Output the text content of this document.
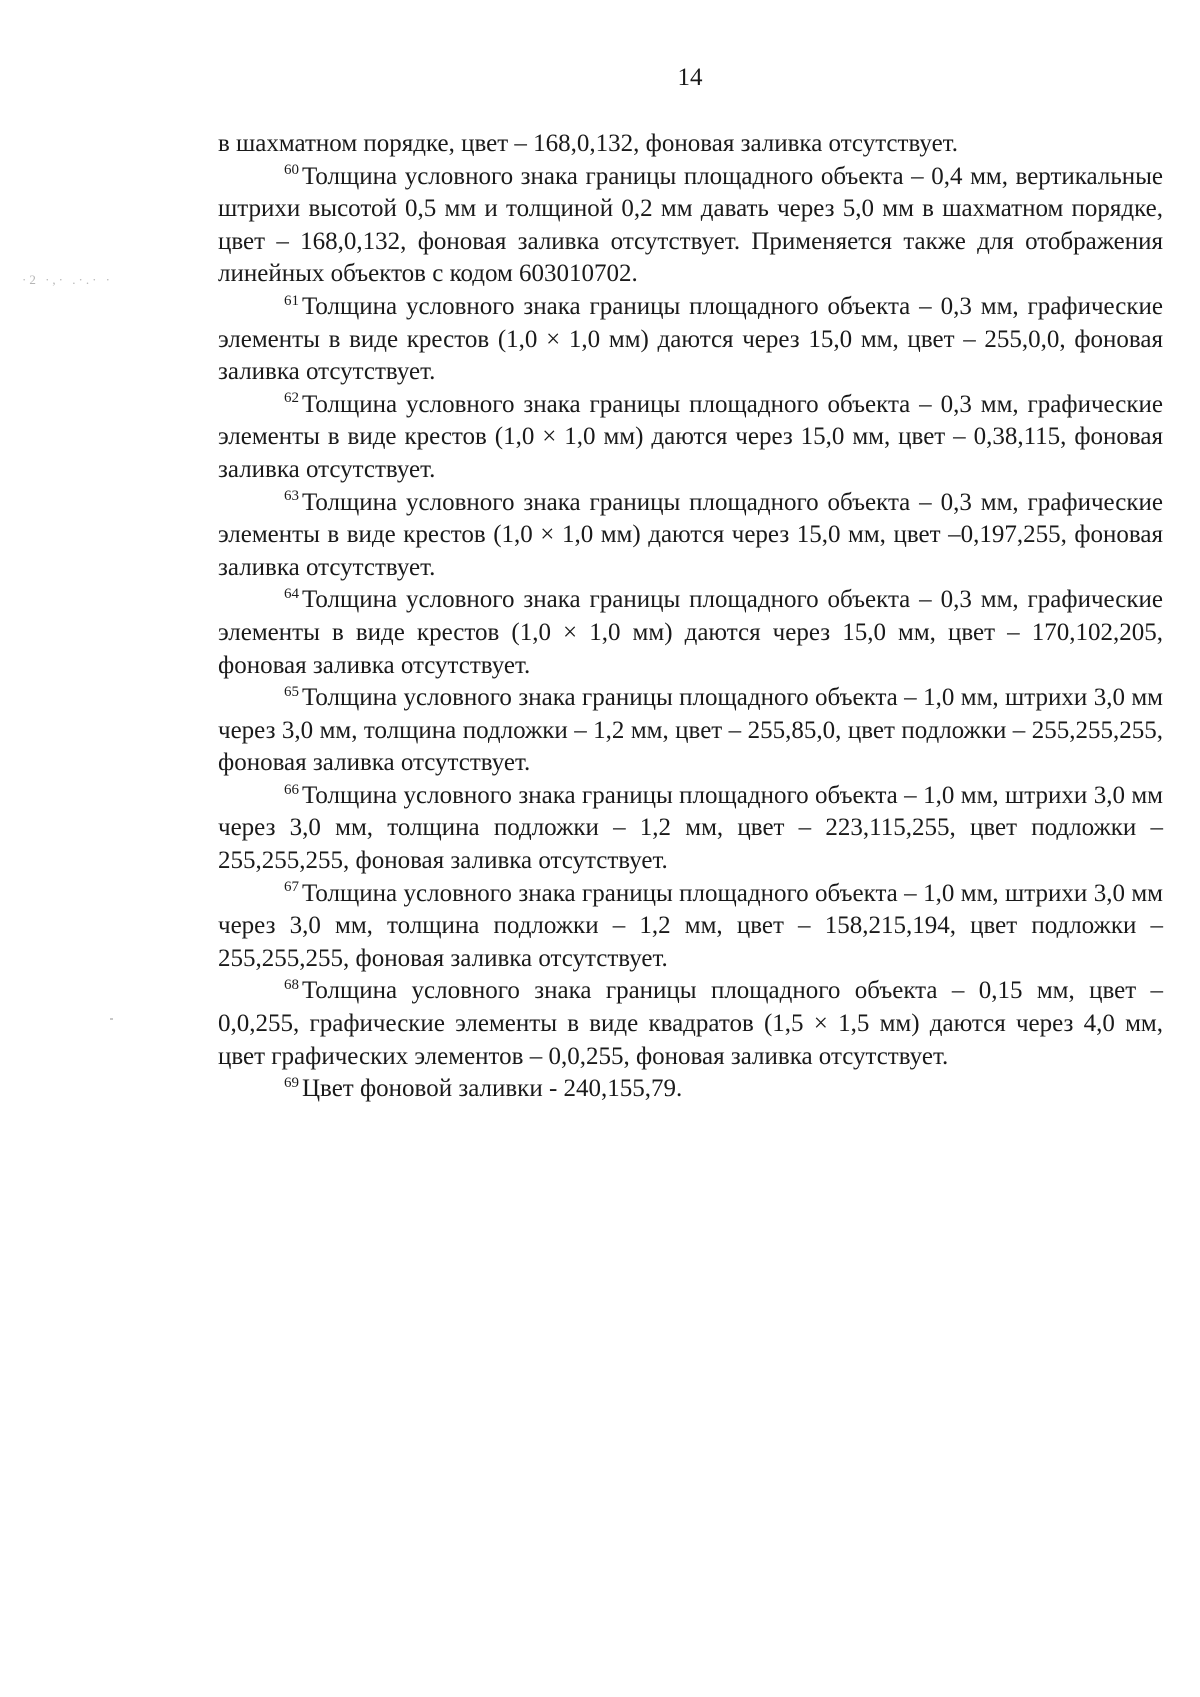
14
·2 ·,· .·.· ·

в шахматном порядке, цвет – 168,0,132, фоновая заливка отсутствует.

$^{60}$ Толщина условного знака границы площадного объекта – 0,4 мм, вертикальные штрихи высотой 0,5 мм и толщиной 0,2 мм давать через 5,0 мм в шахматном порядке, цвет – 168,0,132, фоновая заливка отсутствует. Применяется также для отображения линейных объектов с кодом 603010702.

$^{61}$ Толщина условного знака границы площадного объекта – 0,3 мм, графические элементы в виде крестов (1,0 × 1,0 мм) даются через 15,0 мм, цвет – 255,0,0, фоновая заливка отсутствует.

$^{62}$ Толщина условного знака границы площадного объекта – 0,3 мм, графические элементы в виде крестов (1,0 × 1,0 мм) даются через 15,0 мм, цвет – 0,38,115, фоновая заливка отсутствует.

$^{63}$ Толщина условного знака границы площадного объекта – 0,3 мм, графические элементы в виде крестов (1,0 × 1,0 мм) даются через 15,0 мм, цвет –0,197,255, фоновая заливка отсутствует.

$^{64}$ Толщина условного знака границы площадного объекта – 0,3 мм, графические элементы в виде крестов (1,0 × 1,0 мм) даются через 15,0 мм, цвет – 170,102,205, фоновая заливка отсутствует.

$^{65}$ Толщина условного знака границы площадного объекта – 1,0 мм, штрихи 3,0 мм через 3,0 мм, толщина подложки – 1,2 мм, цвет – 255,85,0, цвет подложки – 255,255,255, фоновая заливка отсутствует.

$^{66}$ Толщина условного знака границы площадного объекта – 1,0 мм, штрихи 3,0 мм через 3,0 мм, толщина подложки – 1,2 мм, цвет – 223,115,255, цвет подложки – 255,255,255, фоновая заливка отсутствует.

$^{67}$ Толщина условного знака границы площадного объекта – 1,0 мм, штрихи 3,0 мм через 3,0 мм, толщина подложки – 1,2 мм, цвет – 158,215,194, цвет подложки – 255,255,255, фоновая заливка отсутствует.

$^{68}$ Толщина условного знака границы площадного объекта – 0,15 мм, цвет – 0,0,255, графические элементы в виде квадратов (1,5 × 1,5 мм) даются через 4,0 мм, цвет графических элементов – 0,0,255, фоновая заливка отсутствует.

$^{69}$ Цвет фоновой заливки - 240,155,79.
